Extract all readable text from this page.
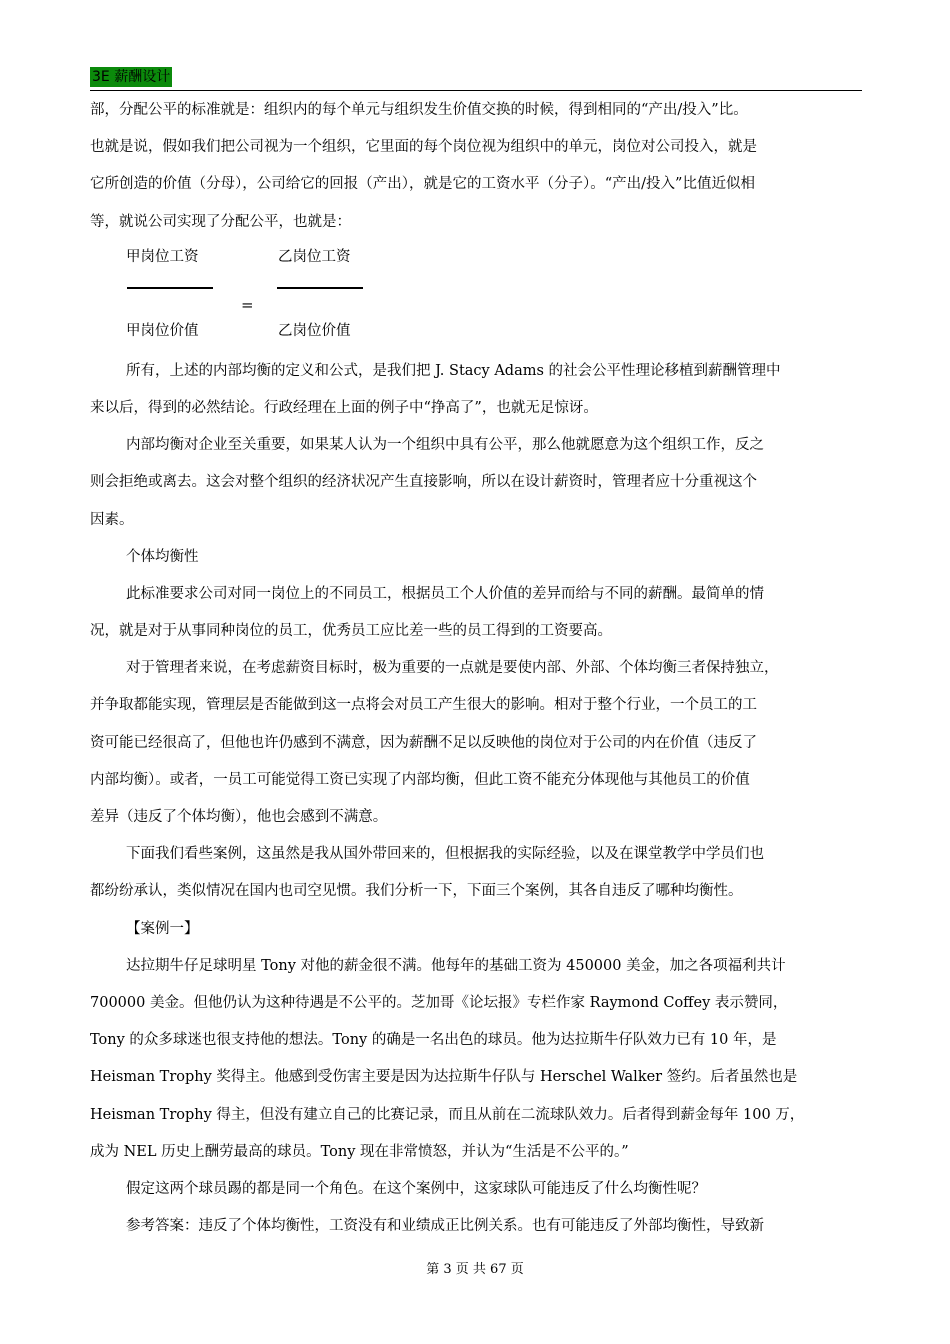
3E 薪酬设计
部，分配公平的标准就是：组织内的每个单元与组织发生价值交换的时候，得到相同的“产出/投入”比。
也就是说，假如我们把公司视为一个组织，它里面的每个岗位视为组织中的单元，岗位对公司投入，就是
它所创造的价值（分母），公司给它的回报（产出），就是它的工资水平（分子）。“产出/投入”比值近似相
等，就说公司实现了分配公平，也就是：
甲岗位工资	乙岗位工资
=
甲岗位价值	乙岗位价值
所有，上述的内部均衡的定义和公式，是我们把 J. Stacy Adams 的社会公平性理论移植到薪酬管理中
来以后，得到的必然结论。行政经理在上面的例子中“挣高了”，也就无足惊讶。
内部均衡对企业至关重要，如果某人认为一个组织中具有公平，那么他就愿意为这个组织工作，反之
则会拒绝或离去。这会对整个组织的经济状况产生直接影响，所以在设计薪资时，管理者应十分重视这个
因素。
个体均衡性
此标准要求公司对同一岗位上的不同员工，根据员工个人价值的差异而给与不同的薪酬。最简单的情
况，就是对于从事同种岗位的员工，优秀员工应比差一些的员工得到的工资要高。
对于管理者来说，在考虑薪资目标时，极为重要的一点就是要使内部、外部、个体均衡三者保持独立，
并争取都能实现，管理层是否能做到这一点将会对员工产生很大的影响。相对于整个行业，一个员工的工
资可能已经很高了，但他也许仍感到不满意，因为薪酬不足以反映他的岗位对于公司的内在价值（违反了
内部均衡）。或者，一员工可能觉得工资已实现了内部均衡，但此工资不能充分体现他与其他员工的价值
差异（违反了个体均衡），他也会感到不满意。
下面我们看些案例，这虽然是我从国外带回来的，但根据我的实际经验，以及在课堂教学中学员们也
都纷纷承认，类似情况在国内也司空见惯。我们分析一下，下面三个案例，其各自违反了哪种均衡性。
【案例一】
达拉期牛仔足球明星 Tony 对他的薪金很不满。他每年的基础工资为 450000 美金，加之各项福利共计
700000 美金。但他仍认为这种待遇是不公平的。芝加哥《论坛报》专栏作家 Raymond Coffey 表示赞同，
Tony 的众多球迷也很支持他的想法。Tony 的确是一名出色的球员。他为达拉斯牛仔队效力已有 10 年，是
Heisman Trophy 奖得主。他感到受伤害主要是因为达拉斯牛仔队与 Herschel Walker 签约。后者虽然也是
Heisman Trophy 得主，但没有建立自己的比赛记录，而且从前在二流球队效力。后者得到薪金每年 100 万，
成为 NEL 历史上酬劳最高的球员。Tony 现在非常愤怒，并认为“生活是不公平的。”
假定这两个球员踢的都是同一个角色。在这个案例中，这家球队可能违反了什么均衡性呢？
参考答案：违反了个体均衡性，工资没有和业绩成正比例关系。也有可能违反了外部均衡性，导致新
第 3 页 共 67 页
